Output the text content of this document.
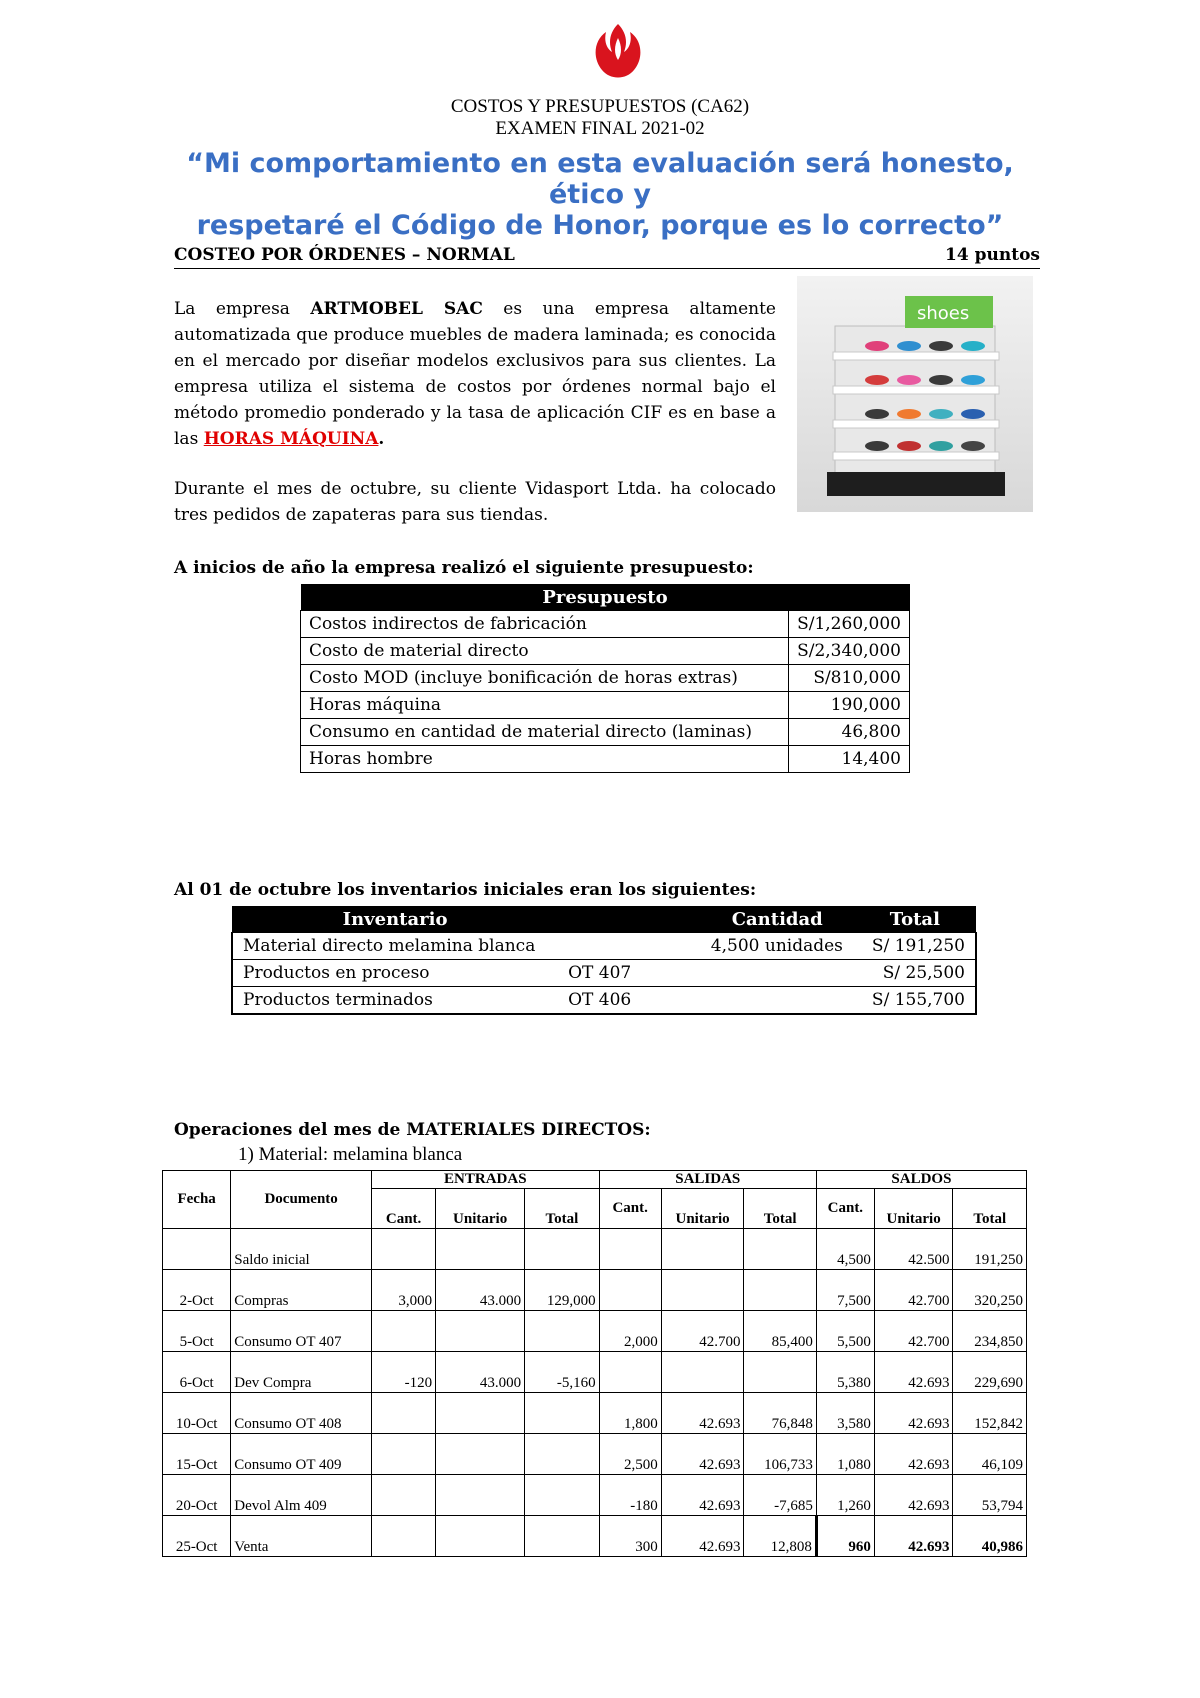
COSTOS Y PRESUPUESTOS (CA62)
EXAMEN FINAL 2021-02
“Mi comportamiento en esta evaluación será honesto,
ético y
respetaré el Código de Honor, porque es lo correcto”
COSTEO POR ÓRDENES – NORMAL	14 puntos
La empresa ARTMOBEL SAC es una empresa altamente automatizada que produce muebles de madera laminada; es conocida en el mercado por diseñar modelos exclusivos para sus clientes. La empresa utiliza el sistema de costos por órdenes normal bajo el método promedio ponderado y la tasa de aplicación CIF es en base a las HORAS MÁQUINA.
Durante el mes de octubre, su cliente Vidasport Ltda. ha colocado tres pedidos de zapateras para sus tiendas.
shoes
A inicios de año la empresa realizó el siguiente presupuesto:
Presupuesto	
Costos indirectos de fabricación	S/1,260,000
Costo de material directo	S/2,340,000
Costo MOD (incluye bonificación de horas extras)	S/810,000
Horas máquina	190,000
Consumo en cantidad de material directo (laminas)	46,800
Horas hombre	14,400
Al 01 de octubre los inventarios iniciales eran los siguientes:
Inventario		Cantidad	Total
Material directo melamina blanca		4,500 unidades	S/ 191,250
Productos en proceso	OT 407		S/ 25,500
Productos terminados	OT 406		S/ 155,700
Operaciones del mes de MATERIALES DIRECTOS:
1) Material: melamina blanca
Fecha	Documento	ENTRADAS			SALIDAS			SALDOS		
		Cant.	Unitario	Total	Cant.	Unitario	Total	Cant.	Unitario	Total
	Saldo inicial							4,500	42.500	191,250
2-Oct	Compras	3,000	43.000	129,000				7,500	42.700	320,250
5-Oct	Consumo OT 407				2,000	42.700	85,400	5,500	42.700	234,850
6-Oct	Dev Compra	-120	43.000	-5,160				5,380	42.693	229,690
10-Oct	Consumo OT 408				1,800	42.693	76,848	3,580	42.693	152,842
15-Oct	Consumo OT 409				2,500	42.693	106,733	1,080	42.693	46,109
20-Oct	Devol Alm 409				-180	42.693	-7,685	1,260	42.693	53,794
25-Oct	Venta				300	42.693	12,808	960	42.693	40,986
